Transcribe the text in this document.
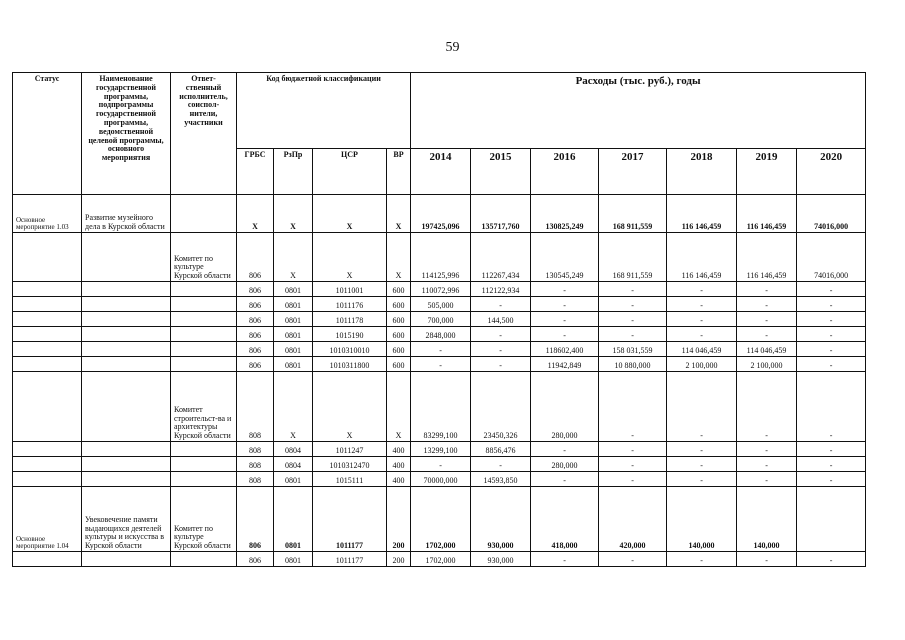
59
Статус	Наименование государственной программы, подпрограммы государственной программы, ведомственной целевой программы, основного мероприятия	Ответ-ственный исполнитель, соиспол-нители, участники	Код бюджетной классификации				Расходы (тыс. руб.), годы						
			ГРБС	РзПр	ЦСР	ВР	2014	2015	2016	2017	2018	2019	2020
Основное мероприятие 1.03	Развитие музейного дела в Курской области		Х	Х	Х	Х	197425,096	135717,760	130825,249	168 911,559	116 146,459	116 146,459	74016,000
		Комитет по культуре Курской области	806	Х	Х	Х	114125,996	112267,434	130545,249	168 911,559	116 146,459	116 146,459	74016,000
			806	0801	1011001	600	110072,996	112122,934	-	-	-	-	-
			806	0801	1011176	600	505,000	-	-	-	-	-	-
			806	0801	1011178	600	700,000	144,500	-	-	-	-	-
			806	0801	1015190	600	2848,000	-	-	-	-	-	-
			806	0801	1010310010	600	-	-	118602,400	158 031,559	114 046,459	114 046,459	-
			806	0801	1010311800	600	-	-	11942,849	10 880,000	2 100,000	2 100,000	-
		Комитет строительст-ва и архитектуры Курской области	808	Х	Х	Х	83299,100	23450,326	280,000	-	-	-	-
			808	0804	1011247	400	13299,100	8856,476	-	-	-	-	-
			808	0804	1010312470	400	-	-	280,000	-	-	-	-
			808	0801	1015111	400	70000,000	14593,850	-	-	-	-	-
Основное мероприятие 1.04	Увековечение памяти выдающихся деятелей культуры и искусства в Курской области	Комитет по культуре Курской области	806	0801	1011177	200	1702,000	930,000	418,000	420,000	140,000	140,000	
			806	0801	1011177	200	1702,000	930,000	-	-	-	-	-
